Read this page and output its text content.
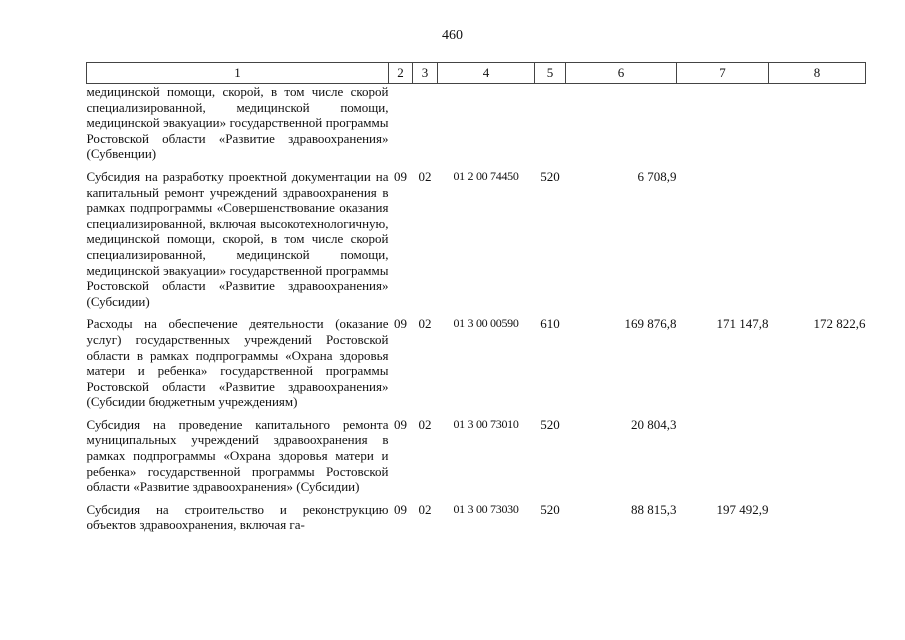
460
1	2	3	4	5	6	7	8
медицинской помощи, скорой, в том числе скорой специализированной, медицинской помощи, медицинской эвакуации» государственной программы Ростовской области «Развитие здравоохранения» (Субвенции)							
Субсидия на разработку проектной документации на капитальный ремонт учреждений здравоохранения в рамках подпрограммы «Совершенствование оказания специализированной, включая высокотехнологичную, медицинской помощи, скорой, в том числе скорой специализированной, медицинской помощи, медицинской эвакуации» государственной программы Ростовской области «Развитие здравоохранения» (Субсидии)	09	02	01 2 00 74450	520	6 708,9		
Расходы на обеспечение деятельности (оказание услуг) государственных учреждений Ростовской области в рамках подпрограммы «Охрана здоровья матери и ребенка» государственной программы Ростовской области «Развитие здравоохранения» (Субсидии бюджетным учреждениям)	09	02	01 3 00 00590	610	169 876,8	171 147,8	172 822,6
Субсидия на проведение капитального ремонта муниципальных учреждений здравоохранения в рамках подпрограммы «Охрана здоровья матери и ребенка» государственной программы Ростовской области «Развитие здравоохранения» (Субсидии)	09	02	01 3 00 73010	520	20 804,3		
Субсидия на строительство и реконструкцию объектов здравоохранения, включая га-	09	02	01 3 00 73030	520	88 815,3	197 492,9	
